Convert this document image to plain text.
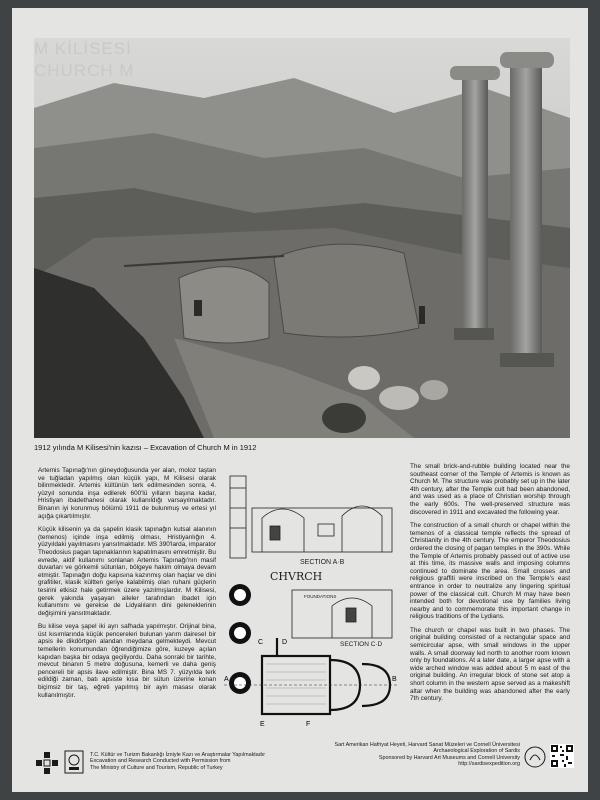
M KİLİSESİ
CHURCH M
1912 yılında M Kilisesi'nin kazısı – Excavation of Church M in 1912

Artemis Tapınağı'nın güneydoğusunda yer alan, moloz taştan ve tuğladan yapılmış olan küçük yapı, M Kilisesi olarak bilinmektedir. Artemis kültünün terk edilmesinden sonra, 4. yüzyıl sonunda inşa edilerek 600'lü yılların başına kadar, Hristiyan ibadethanesi olarak kullanıldığı varsayılmaktadır. Binanın iyi korunmuş bölümü 1911 de bulunmuş ve ertesi yıl açığa çıkartılmıştır.

Küçük kilisenin ya da şapelin klasik tapınağın kutsal alanının (temenos) içinde inşa edilmiş olması, Hristiyanlığın 4. yüzyıldaki yayılmasını yansıtmaktadır. MS 390'larda, imparator Theodosius pagan tapınaklarının kapatılmasını emretmiştir. Bu evrede, aktif kullanımı sonlanan Artemis Tapınağı'nın masif duvarları ve görkemli sütunları, bölgeye hakim olmaya devam etmiştir. Tapınağın doğu kapısına kazınmış olan haçlar ve dini grafitiler, klasik kültten geriye kalabilmiş olan ruhani güçlerin tesirini etkisiz hale getirmek üzere yazılmışlardır. M Kilisesi, gerek yakında yaşayan aileler tarafından ibadet için kullanımını ve gerekse de Lidyalıların dini geleneklerinin değişimini yansıtmaktadır.

Bu kilise veya şapel iki ayrı safhada yapılmıştır. Orijinal bina, üst kısımlarında küçük pencereleri bulunan yarım daireseI bir apsis ile dikdörtgen alandan meydana gelmekteydi. Mevcut temellerin konumundan öğrendiğimize göre, kuzeye açılan kapıdan başka bir odaya geçiliyordu. Daha sonraki bir tarihte, mevcut binanın 5 metre doğusuna, kemerli ve daha geniş pencereli bir apsis ilave edilmiştir. Bina MS 7. yüzyılda terk edildiği zaman, batı apsiste kısa bir sütun üzerine konan biçimsiz bir taş, eğreti yapılmış bir ayin masası olarak kullanılmıştır.

SECTION A·B
CHVRCH
FOUNDATIONS
SECTION C·D
A	B
C	D
E	F

The small brick-and-rubble building located near the southeast corner of the Temple of Artemis is known as Church M. The structure was probably set up in the later 4th century, after the Temple cult had been abandoned, and was used as a place of Christian worship through the early 600s. The well-preserved structure was discovered in 1911 and excavated the following year.

The construction of a small church or chapel within the temenos of a classical temple reflects the spread of Christianity in the 4th century. The emperor Theodosius ordered the closing of pagan temples in the 390s. While the Temple of Artemis probably passed out of active use at this time, its massive walls and imposing columns continued to dominate the area. Small crosses and religious graffiti were inscribed on the Temple's east entrance in order to neutralize any lingering spiritual power of the classical cult. Church M may have been intended both for devotional use by families living nearby and to commemorate this important change in religious traditions of the Lydians.

The church or chapel was built in two phases. The original building consisted of a rectangular space and semicircular apse, with small windows in the upper walls. A small doorway led north to another room known only by foundations. At a later date, a larger apse with a wide arched window was added about 5 m east of the original building. An irregular block of stone set atop a short column in the western apse served as a makeshift altar when the building was abandoned after the early 7th century.

T.C. Kültür ve Turizm Bakanlığı İzniyle Kazı ve Araştırmalar Yapılmaktadır
Excavation and Research Conducted with Permission from
The Ministry of Culture and Tourism, Republic of Turkey
Sart Amerikan Hafriyat Heyeti, Harvard Sanat Müzeleri ve Cornell Üniversitesi
Archaeological Exploration of Sardis
Sponsored by Harvard Art Museums and Cornell University
http://sardisexpedition.org
